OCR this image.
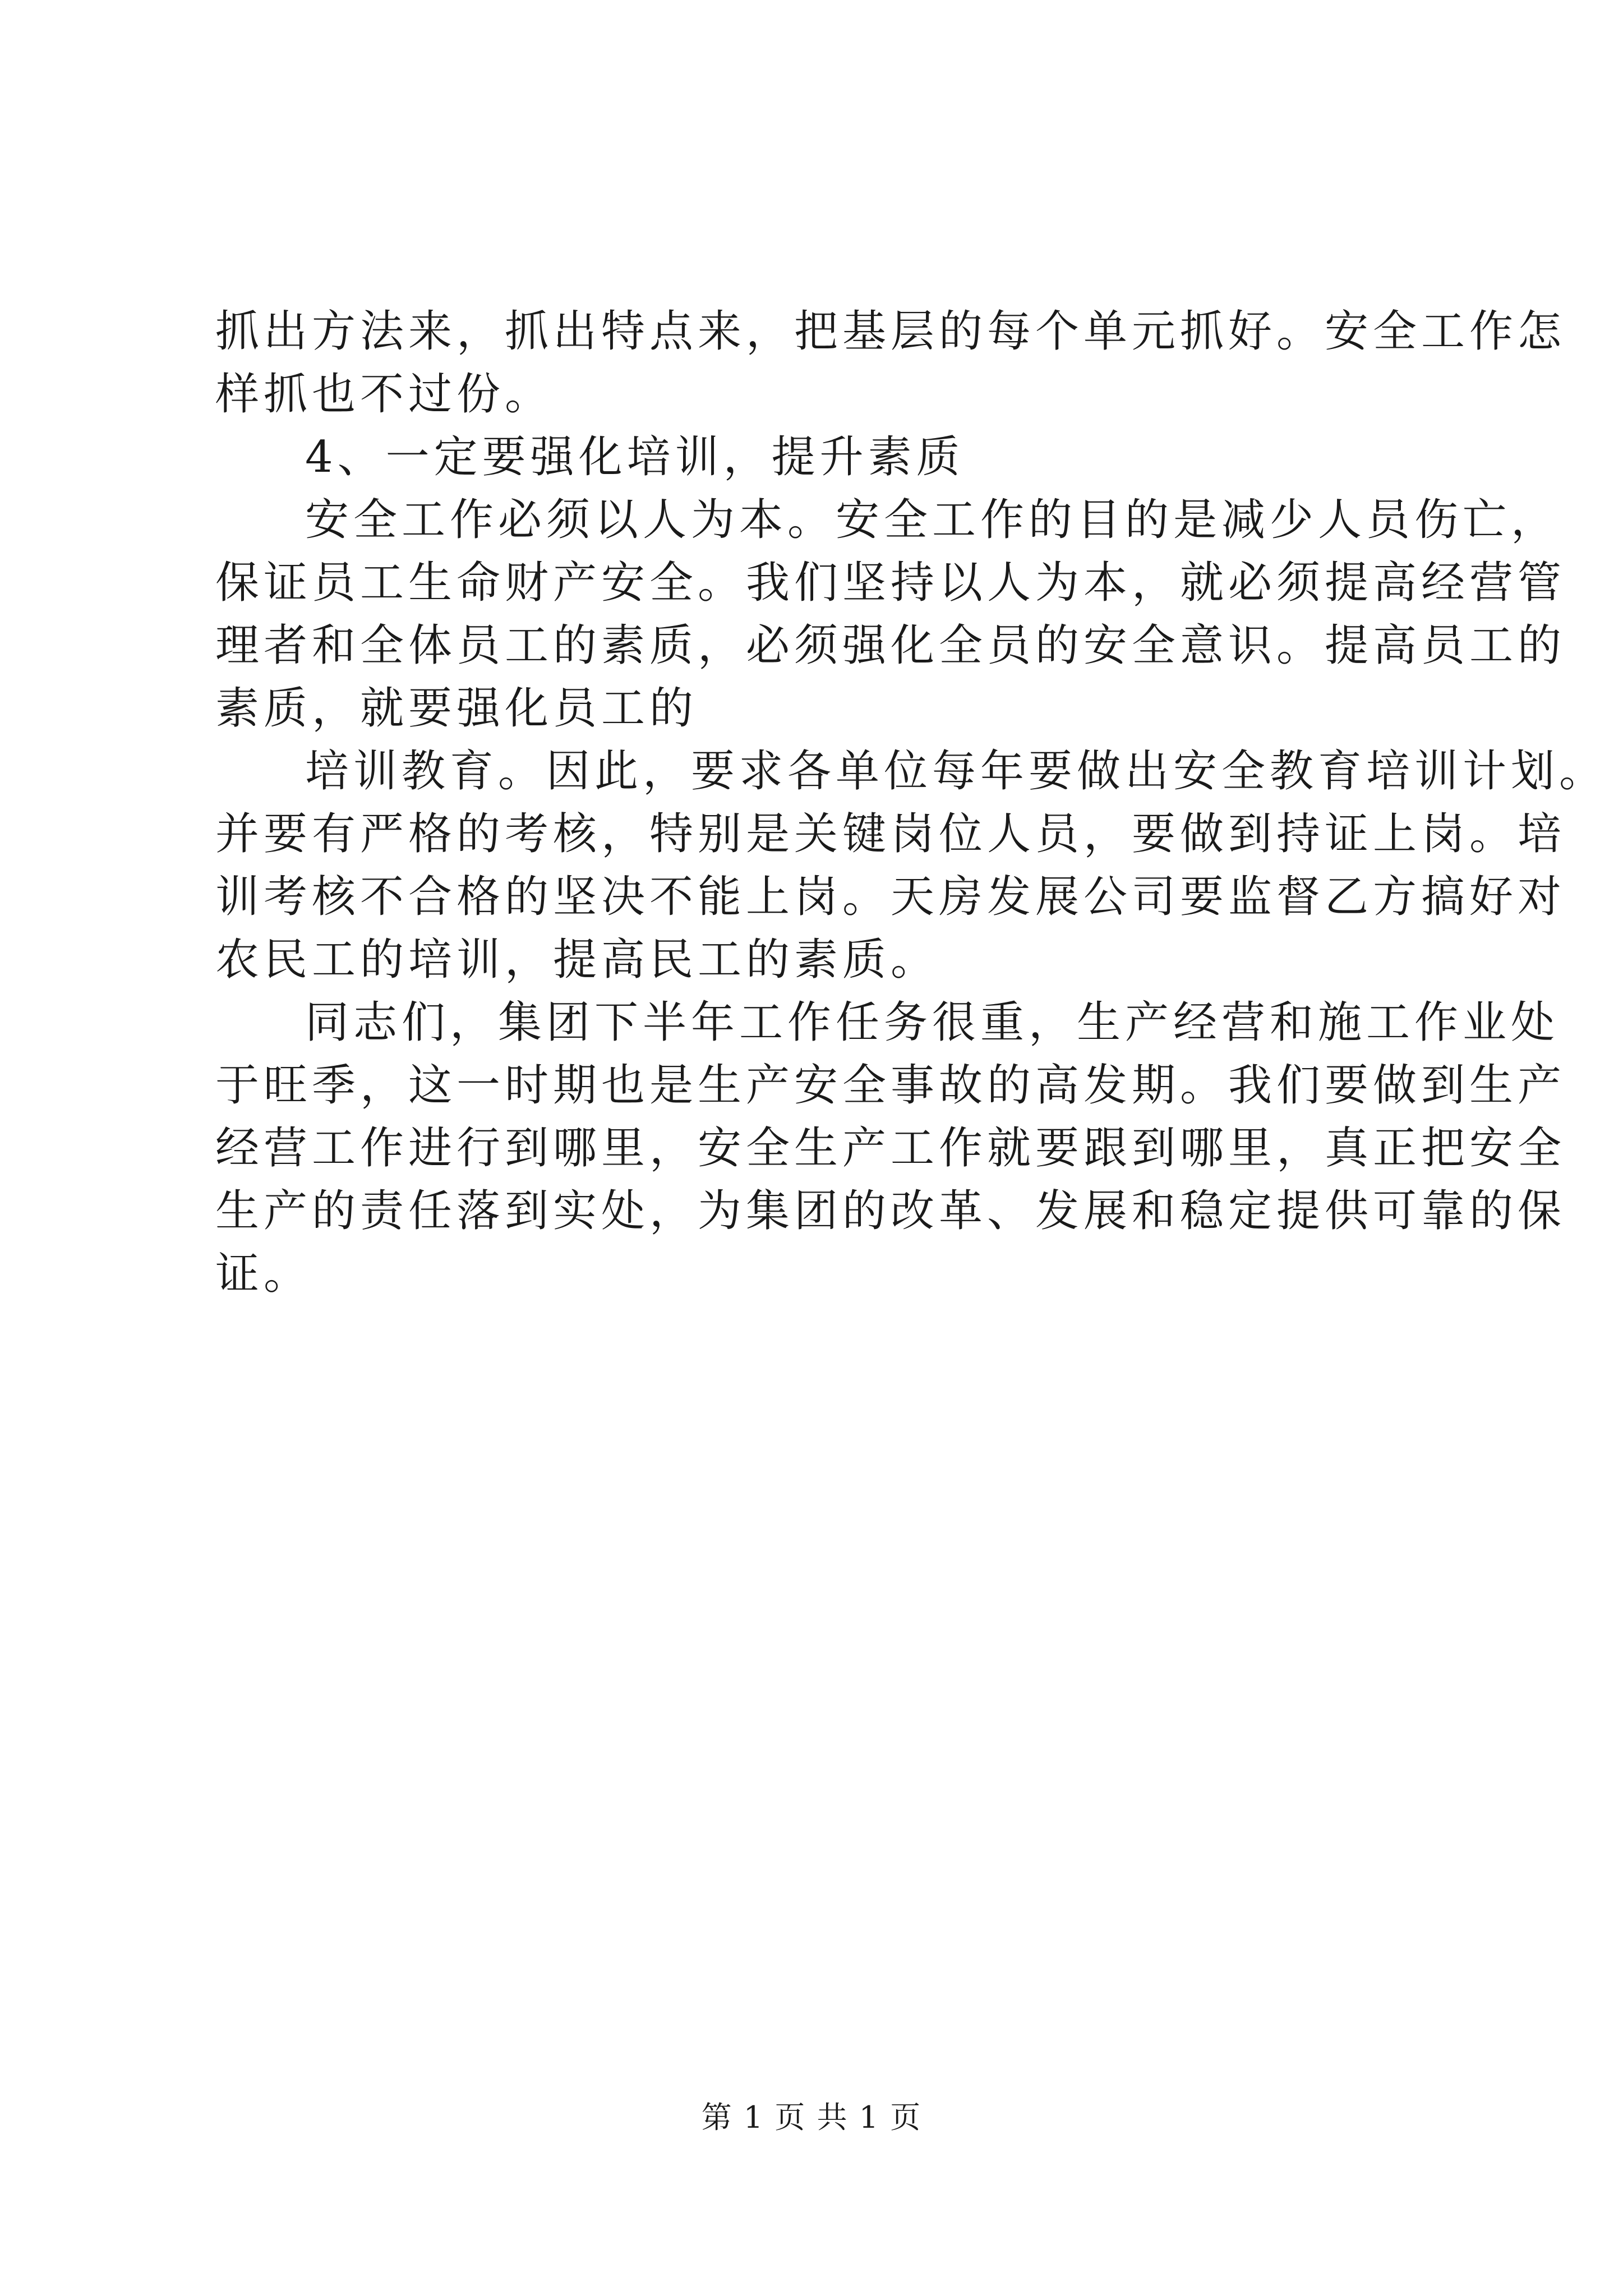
抓出方法来，抓出特点来，把基层的每个单元抓好。安全工作怎
样抓也不过份。
4、一定要强化培训，提升素质
安全工作必须以人为本。安全工作的目的是减少人员伤亡，
保证员工生命财产安全。我们坚持以人为本，就必须提高经营管
理者和全体员工的素质，必须强化全员的安全意识。提高员工的
素质，就要强化员工的
培训教育。因此，要求各单位每年要做出安全教育培训计划。
并要有严格的考核，特别是关键岗位人员，要做到持证上岗。培
训考核不合格的坚决不能上岗。天房发展公司要监督乙方搞好对
农民工的培训，提高民工的素质。
同志们，集团下半年工作任务很重，生产经营和施工作业处
于旺季，这一时期也是生产安全事故的高发期。我们要做到生产
经营工作进行到哪里，安全生产工作就要跟到哪里，真正把安全
生产的责任落到实处，为集团的改革、发展和稳定提供可靠的保
证。
第 1 页 共 1 页
